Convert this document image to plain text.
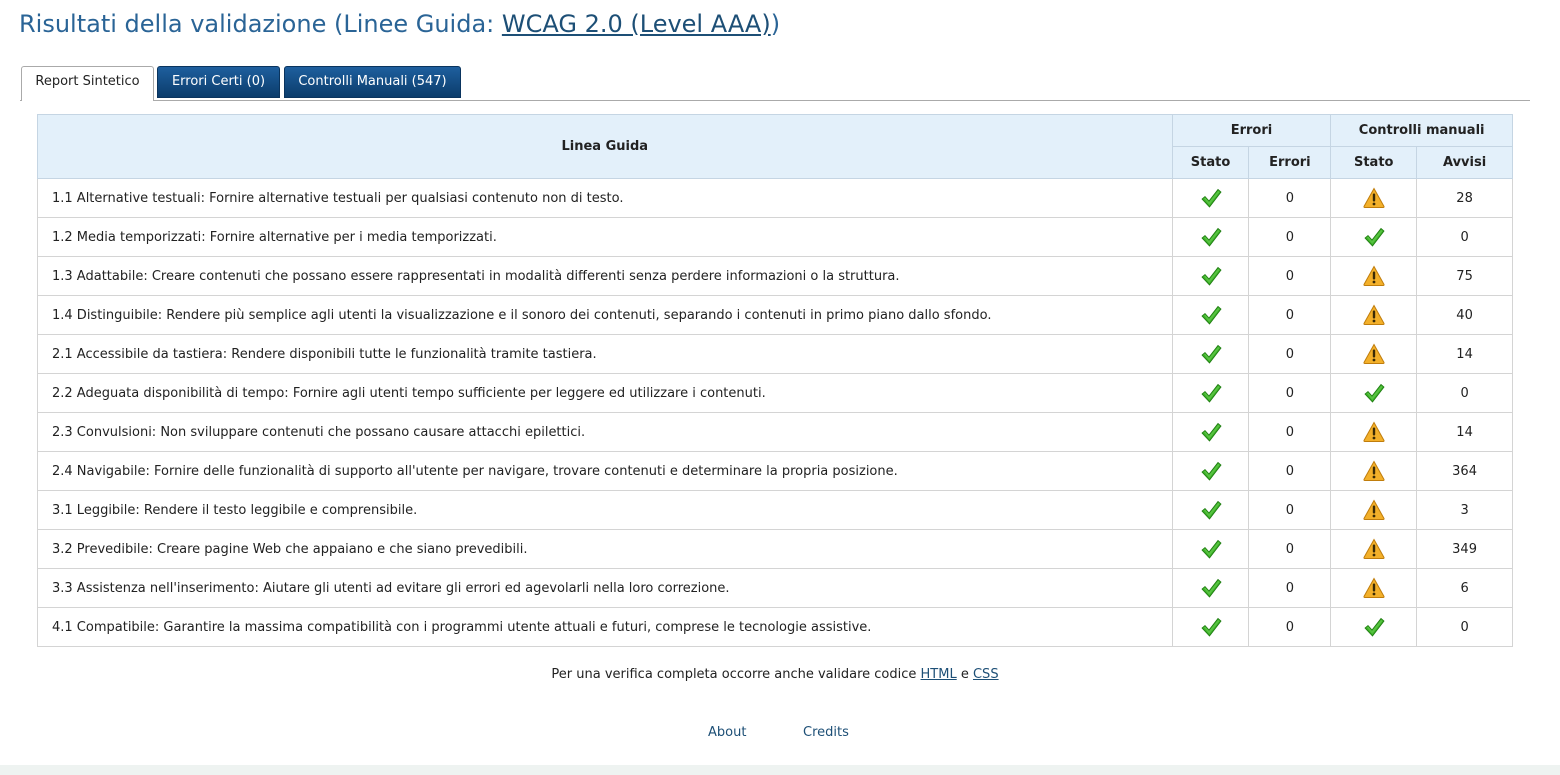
Risultati della validazione (Linee Guida: WCAG 2.0 (Level AAA))
Report Sintetico	Errori Certi (0)	Controlli Manuali (547)
Linea Guida	Errori		Controlli manuali	
	Stato	Errori	Stato	Avvisi
1.1 Alternative testuali: Fornire alternative testuali per qualsiasi contenuto non di testo.		0		28
1.2 Media temporizzati: Fornire alternative per i media temporizzati.		0		0
1.3 Adattabile: Creare contenuti che possano essere rappresentati in modalità differenti senza perdere informazioni o la struttura.		0		75
1.4 Distinguibile: Rendere più semplice agli utenti la visualizzazione e il sonoro dei contenuti, separando i contenuti in primo piano dallo sfondo.		0		40
2.1 Accessibile da tastiera: Rendere disponibili tutte le funzionalità tramite tastiera.		0		14
2.2 Adeguata disponibilità di tempo: Fornire agli utenti tempo sufficiente per leggere ed utilizzare i contenuti.		0		0
2.3 Convulsioni: Non sviluppare contenuti che possano causare attacchi epilettici.		0		14
2.4 Navigabile: Fornire delle funzionalità di supporto all'utente per navigare, trovare contenuti e determinare la propria posizione.		0		364
3.1 Leggibile: Rendere il testo leggibile e comprensibile.		0		3
3.2 Prevedibile: Creare pagine Web che appaiano e che siano prevedibili.		0		349
3.3 Assistenza nell'inserimento: Aiutare gli utenti ad evitare gli errori ed agevolarli nella loro correzione.		0		6
4.1 Compatibile: Garantire la massima compatibilità con i programmi utente attuali e futuri, comprese le tecnologie assistive.		0		0
Per una verifica completa occorre anche validare codice HTML e CSS
About	Credits
